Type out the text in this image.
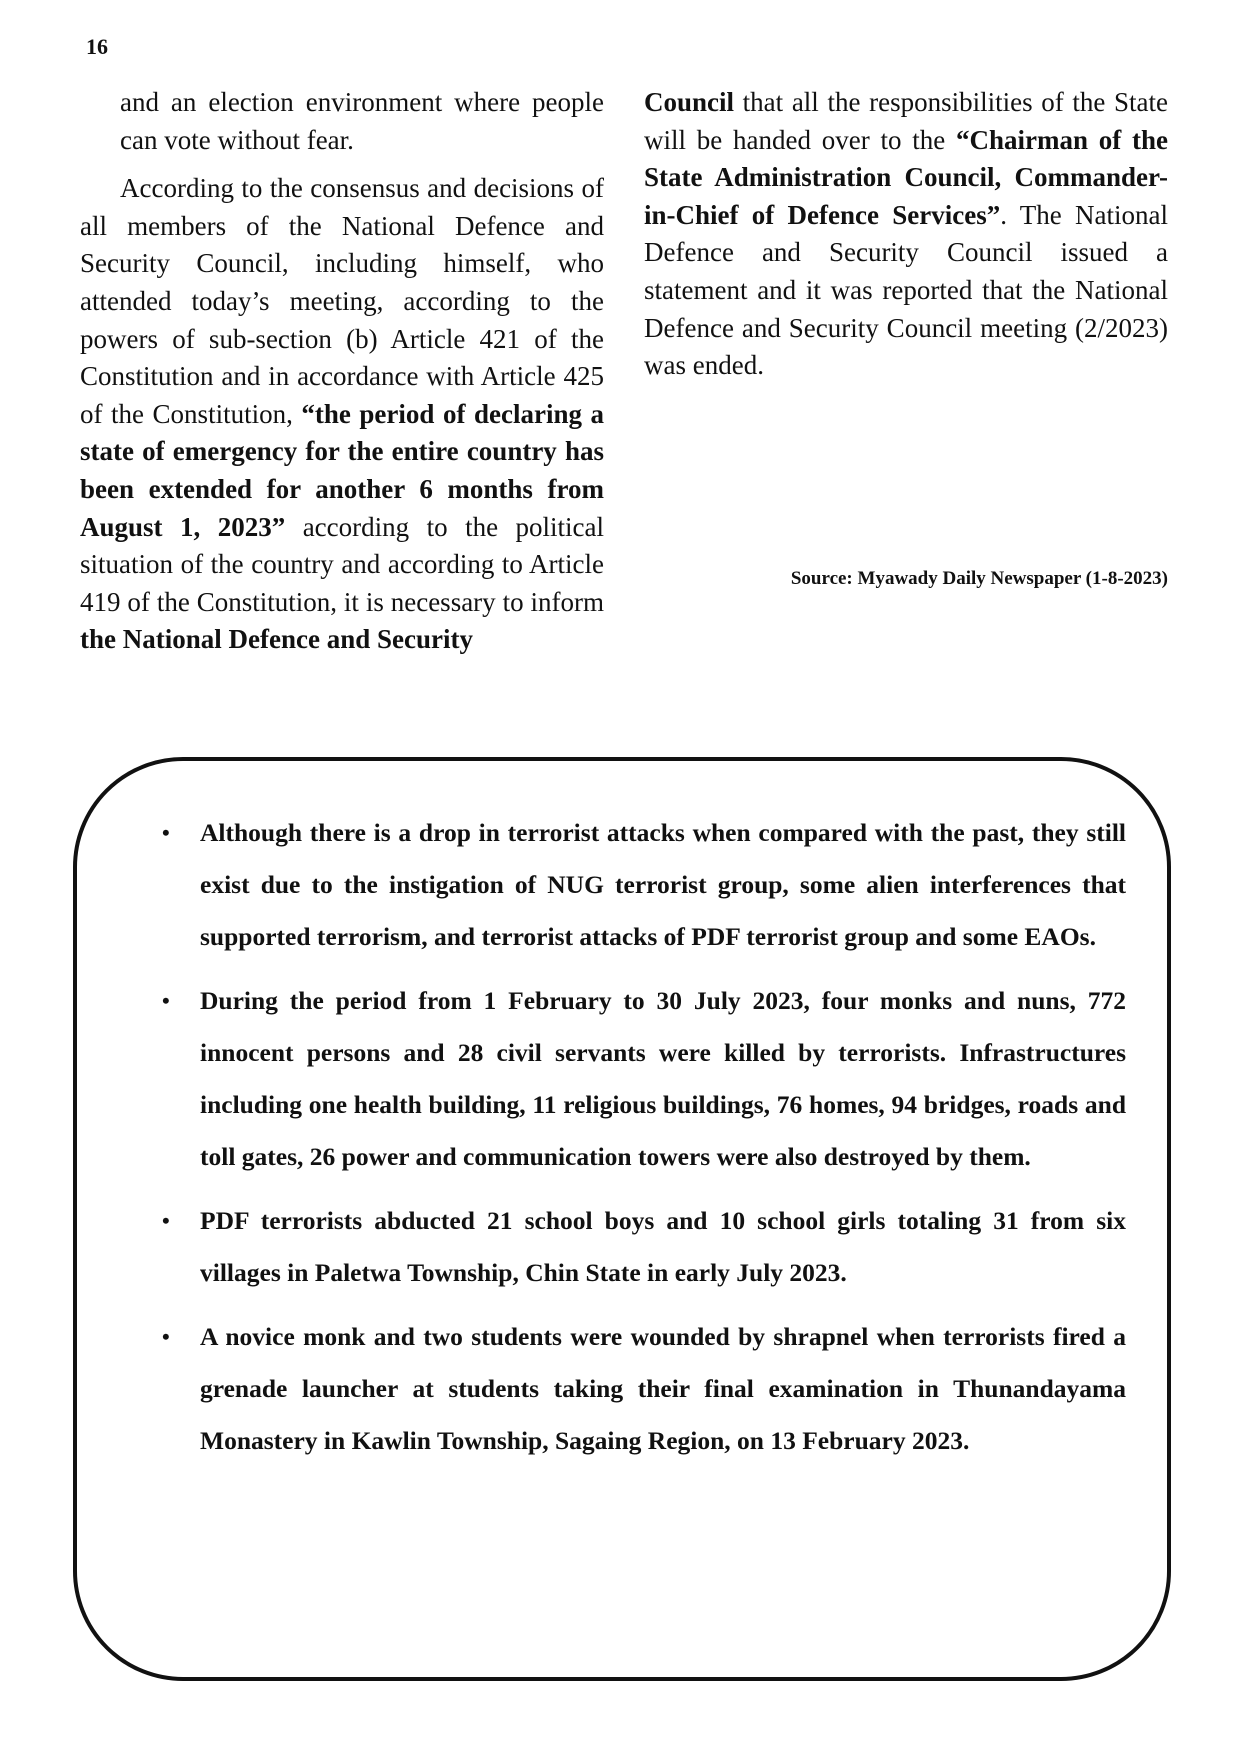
16

and an election environment where people can vote without fear.

According to the consensus and decisions of all members of the National Defence and Security Council, including himself, who attended today’s meeting, according to the powers of sub-section (b) Article 421 of the Constitution and in accordance with Article 425 of the Constitution, “the period of declaring a state of emergency for the entire country has been extended for another 6 months from August 1, 2023” according to the political situation of the country and according to Article 419 of the Constitution, it is necessary to inform the National Defence and Security

Council that all the responsibilities of the State will be handed over to the “Chairman of the State Administration Council, Commander-in-Chief of Defence Services”. The National Defence and Security Council issued a statement and it was reported that the National Defence and Security Council meeting (2/2023) was ended.

Source: Myawady Daily Newspaper (1-8-2023)
• Although there is a drop in terrorist attacks when compared with the past, they still exist due to the instigation of NUG terrorist group, some alien interferences that supported terrorism, and terrorist attacks of PDF terrorist group and some EAOs.
• During the period from 1 February to 30 July 2023, four monks and nuns, 772 innocent persons and 28 civil servants were killed by terrorists. Infrastructures including one health building, 11 religious buildings, 76 homes, 94 bridges, roads and toll gates, 26 power and communication towers were also destroyed by them.
• PDF terrorists abducted 21 school boys and 10 school girls totaling 31 from six villages in Paletwa Township, Chin State in early July 2023.
• A novice monk and two students were wounded by shrapnel when terrorists fired a grenade launcher at students taking their final examination in Thunandayama Monastery in Kawlin Township, Sagaing Region, on 13 February 2023.
